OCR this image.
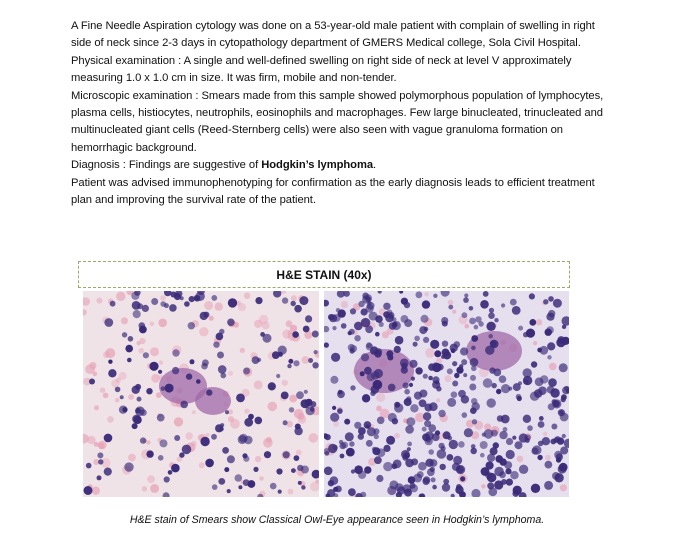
A Fine Needle Aspiration cytology was done on a 53-year-old male patient with complain of swelling in right side of neck since 2-3 days in cytopathology department of GMERS Medical college, Sola Civil Hospital.

Physical examination : A single and well-defined swelling on right side of neck at level V approximately measuring 1.0 x 1.0 cm in size. It was firm, mobile and non-tender.

Microscopic examination : Smears made from this sample showed polymorphous population of lymphocytes, plasma cells, histiocytes, neutrophils, eosinophils and macrophages. Few large binucleated, trinucleated and multinucleated giant cells (Reed-Sternberg cells) were also seen with vague granuloma formation on hemorrhagic background.

Diagnosis : Findings are suggestive of Hodgkin’s lymphoma.

Patient was advised immunophenotyping for confirmation as the early diagnosis leads to efficient treatment plan and improving the survival rate of the patient.

H&E STAIN (40x)
H&E stain of Smears show Classical Owl-Eye appearance seen in Hodgkin’s lymphoma.
